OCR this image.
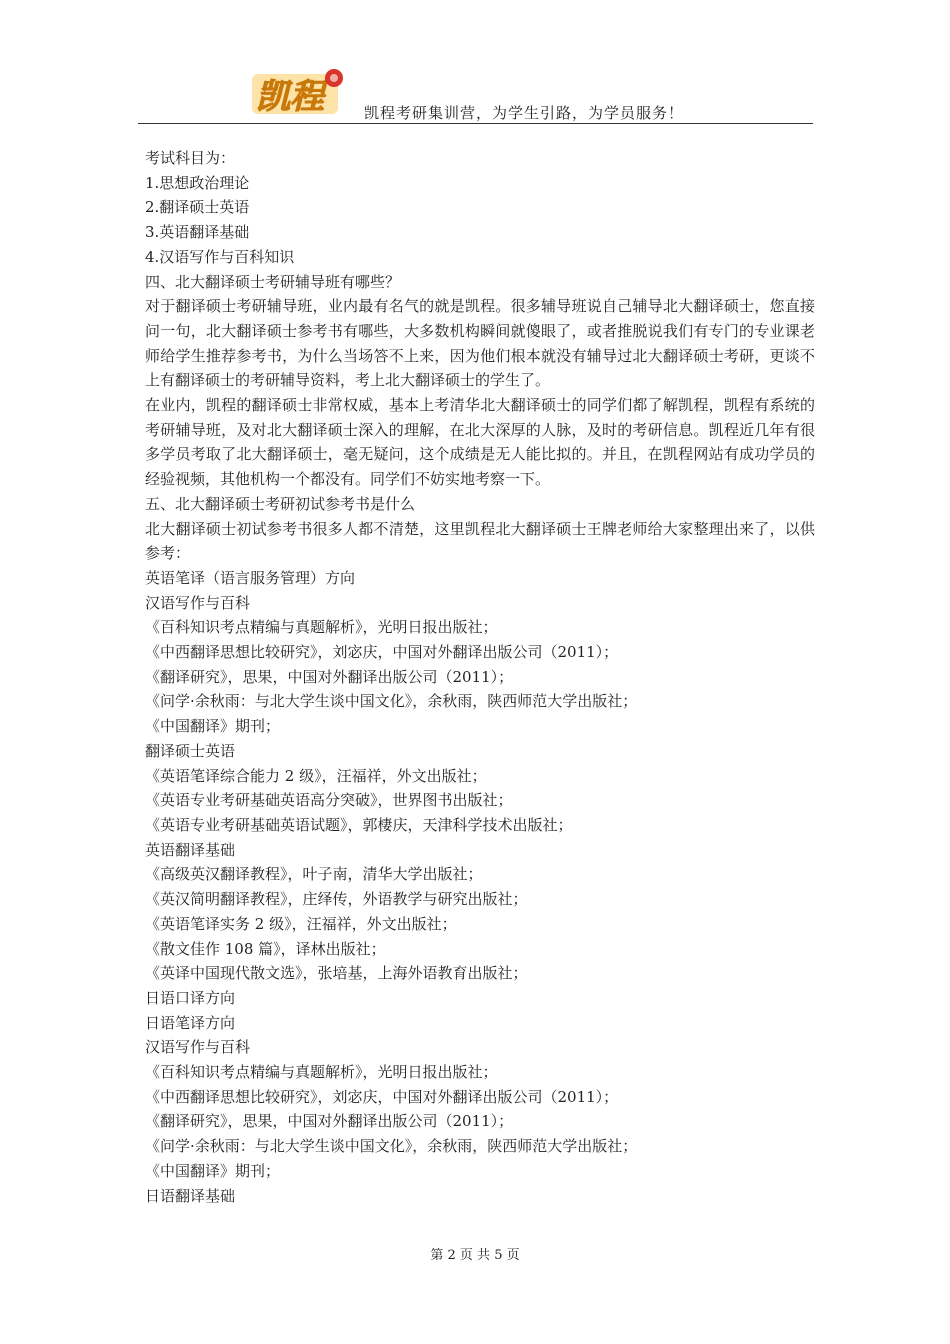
凯程	凯程考研集训营，为学生引路，为学员服务！

考试科目为：

1.思想政治理论

2.翻译硕士英语

3.英语翻译基础

4.汉语写作与百科知识

四、北大翻译硕士考研辅导班有哪些？

对于翻译硕士考研辅导班，业内最有名气的就是凯程。很多辅导班说自己辅导北大翻译硕士，您直接问一句，北大翻译硕士参考书有哪些，大多数机构瞬间就傻眼了，或者推脱说我们有专门的专业课老师给学生推荐参考书，为什么当场答不上来，因为他们根本就没有辅导过北大翻译硕士考研，更谈不上有翻译硕士的考研辅导资料，考上北大翻译硕士的学生了。

在业内，凯程的翻译硕士非常权威，基本上考清华北大翻译硕士的同学们都了解凯程，凯程有系统的考研辅导班，及对北大翻译硕士深入的理解，在北大深厚的人脉，及时的考研信息。凯程近几年有很多学员考取了北大翻译硕士，毫无疑问，这个成绩是无人能比拟的。并且，在凯程网站有成功学员的经验视频，其他机构一个都没有。同学们不妨实地考察一下。

五、北大翻译硕士考研初试参考书是什么

北大翻译硕士初试参考书很多人都不清楚，这里凯程北大翻译硕士王牌老师给大家整理出来了，以供参考：

英语笔译（语言服务管理）方向

汉语写作与百科

《百科知识考点精编与真题解析》，光明日报出版社；

《中西翻译思想比较研究》，刘宓庆，中国对外翻译出版公司（2011）；

《翻译研究》，思果，中国对外翻译出版公司（2011）；

《问学·余秋雨：与北大学生谈中国文化》，余秋雨，陕西师范大学出版社；

《中国翻译》期刊；

翻译硕士英语

《英语笔译综合能力 2 级》，汪福祥，外文出版社；

《英语专业考研基础英语高分突破》，世界图书出版社；

《英语专业考研基础英语试题》，郭棲庆，天津科学技术出版社；

英语翻译基础

《高级英汉翻译教程》，叶子南，清华大学出版社；

《英汉简明翻译教程》，庄绎传，外语教学与研究出版社；

《英语笔译实务 2 级》，汪福祥，外文出版社；

《散文佳作 108 篇》，译林出版社；

《英译中国现代散文选》，张培基，上海外语教育出版社；

日语口译方向

日语笔译方向

汉语写作与百科

《百科知识考点精编与真题解析》，光明日报出版社；

《中西翻译思想比较研究》，刘宓庆，中国对外翻译出版公司（2011）；

《翻译研究》，思果，中国对外翻译出版公司（2011）；

《问学·余秋雨：与北大学生谈中国文化》，余秋雨，陕西师范大学出版社；

《中国翻译》期刊；

日语翻译基础

第 2 页 共 5 页
